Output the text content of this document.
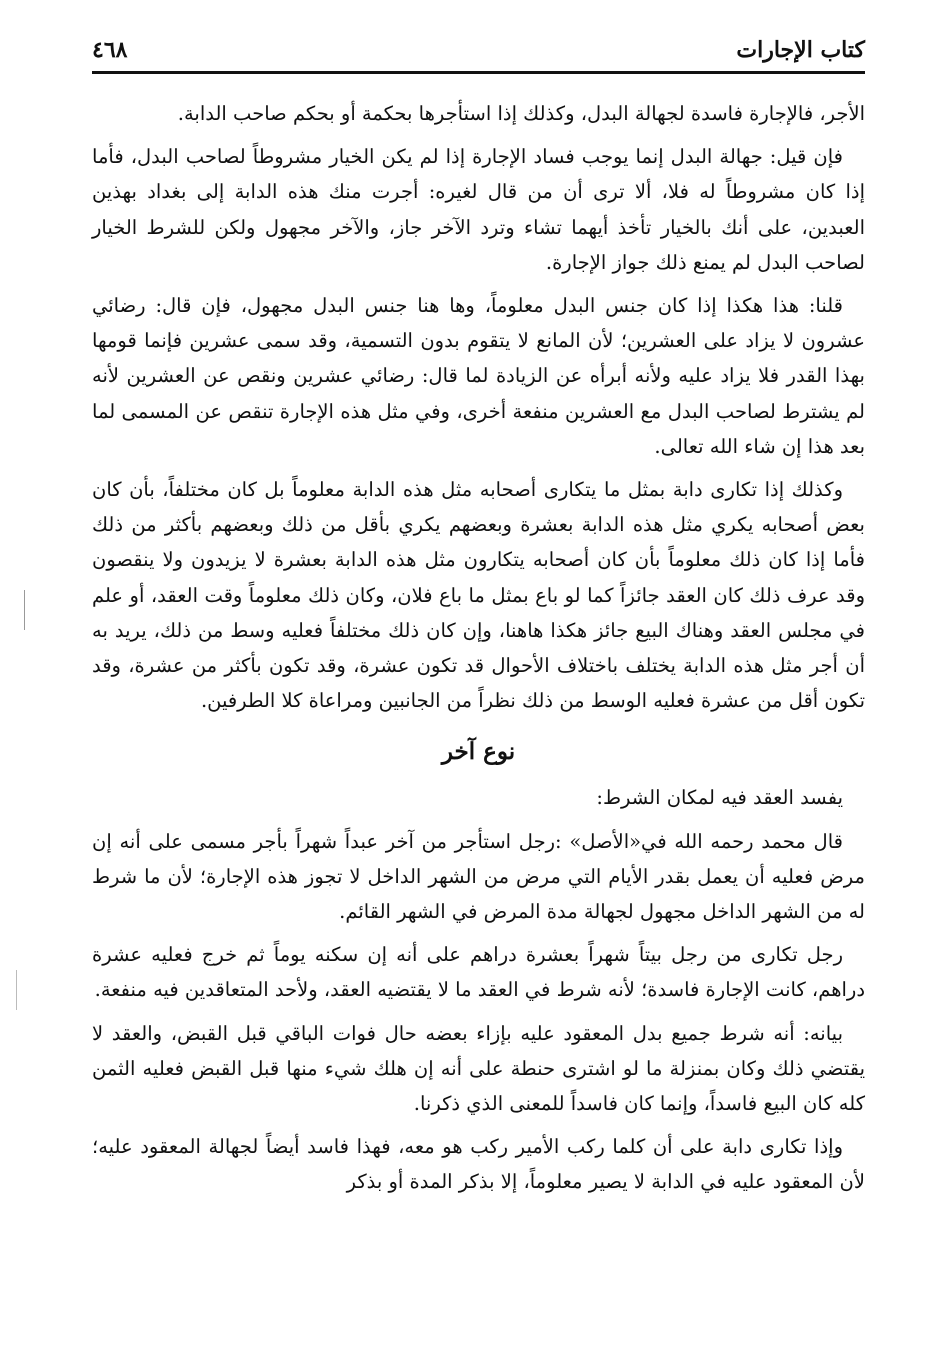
كتاب الإجارات
٤٦٨

الأجر، فالإجارة فاسدة لجهالة البدل، وكذلك إذا استأجرها بحكمة أو بحكم صاحب الدابة.

فإن قيل: جهالة البدل إنما يوجب فساد الإجارة إذا لم يكن الخيار مشروطاً لصاحب البدل، فأما إذا كان مشروطاً له فلا، ألا ترى أن من قال لغيره: أجرت منك هذه الدابة إلى بغداد بهذين العبدين، على أنك بالخيار تأخذ أيهما تشاء وترد الآخر جاز، والآخر مجهول ولكن للشرط الخيار لصاحب البدل لم يمنع ذلك جواز الإجارة.

قلنا: هذا هكذا إذا كان جنس البدل معلوماً، وها هنا جنس البدل مجهول، فإن قال: رضائي عشرون لا يزاد على العشرين؛ لأن المانع لا يتقوم بدون التسمية، وقد سمى عشرين فإنما قومها بهذا القدر فلا يزاد عليه ولأنه أبرأه عن الزيادة لما قال: رضائي عشرين ونقص عن العشرين لأنه لم يشترط لصاحب البدل مع العشرين منفعة أخرى، وفي مثل هذه الإجارة تنقص عن المسمى لما بعد هذا إن شاء الله تعالى.

وكذلك إذا تكارى دابة بمثل ما يتكارى أصحابه مثل هذه الدابة معلوماً بل كان مختلفاً، بأن كان بعض أصحابه يكري مثل هذه الدابة بعشرة وبعضهم يكري بأقل من ذلك وبعضهم بأكثر من ذلك فأما إذا كان ذلك معلوماً بأن كان أصحابه يتكارون مثل هذه الدابة بعشرة لا يزيدون ولا ينقصون وقد عرف ذلك كان العقد جائزاً كما لو باع بمثل ما باع فلان، وكان ذلك معلوماً وقت العقد، أو علم في مجلس العقد وهناك البيع جائز هكذا هاهنا، وإن كان ذلك مختلفاً فعليه وسط من ذلك، يريد به أن أجر مثل هذه الدابة يختلف باختلاف الأحوال قد تكون عشرة، وقد تكون بأكثر من عشرة، وقد تكون أقل من عشرة فعليه الوسط من ذلك نظراً من الجانبين ومراعاة كلا الطرفين.

نوع آخر

يفسد العقد فيه لمكان الشرط:

قال محمد رحمه الله في«الأصل» :رجل استأجر من آخر عبداً شهراً بأجر مسمى على أنه إن مرض فعليه أن يعمل بقدر الأيام التي مرض من الشهر الداخل لا تجوز هذه الإجارة؛ لأن ما شرط له من الشهر الداخل مجهول لجهالة مدة المرض في الشهر القائم.

رجل تكارى من رجل بيتاً شهراً بعشرة دراهم على أنه إن سكنه يوماً ثم خرج فعليه عشرة دراهم، كانت الإجارة فاسدة؛ لأنه شرط في العقد ما لا يقتضيه العقد، ولأحد المتعاقدين فيه منفعة.

بيانه: أنه شرط جميع بدل المعقود عليه بإزاء بعضه حال فوات الباقي قبل القبض، والعقد لا يقتضي ذلك وكان بمنزلة ما لو اشترى حنطة على أنه إن هلك شيء منها قبل القبض فعليه الثمن كله كان البيع فاسداً، وإنما كان فاسداً للمعنى الذي ذكرنا.

وإذا تكارى دابة على أن كلما ركب الأمير ركب هو معه، فهذا فاسد أيضاً لجهالة المعقود عليه؛ لأن المعقود عليه في الدابة لا يصير معلوماً، إلا بذكر المدة أو بذكر
